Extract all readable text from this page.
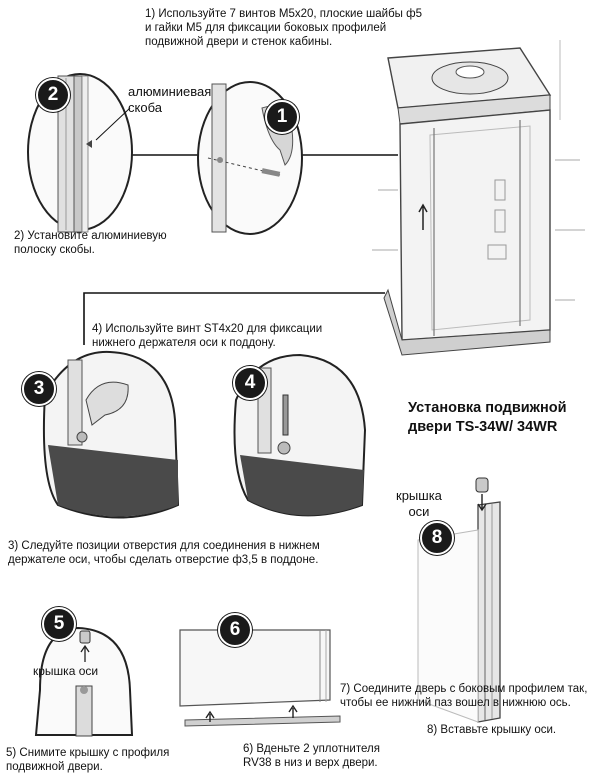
2
1
3	4
5	6
8
1) Используйте 7 винтов M5x20, плоские шайбы ф5
и гайки M5 для фиксации боковых профилей
подвижной двери и стенок кабины.
алюминиевая
скоба
2) Установите алюминиевую
полоску скобы.
4) Используйте винт ST4x20 для фиксации
нижнего держателя оси к поддону.
Установка подвижной
двери TS-34W/ 34WR
крышка
оси
3) Следуйте позиции отверстия для соединения в нижнем
держателе оси, чтобы сделать отверстие ф3,5 в поддоне.
крышка оси
7) Соедините дверь с боковым профилем так,
чтобы ее нижний паз вошел в нижнюю ось.
8) Вставьте крышку оси.
5) Снимите крышку с профиля
подвижной двери.
6) Вденьте 2 уплотнителя
RV38 в низ и верх двери.
